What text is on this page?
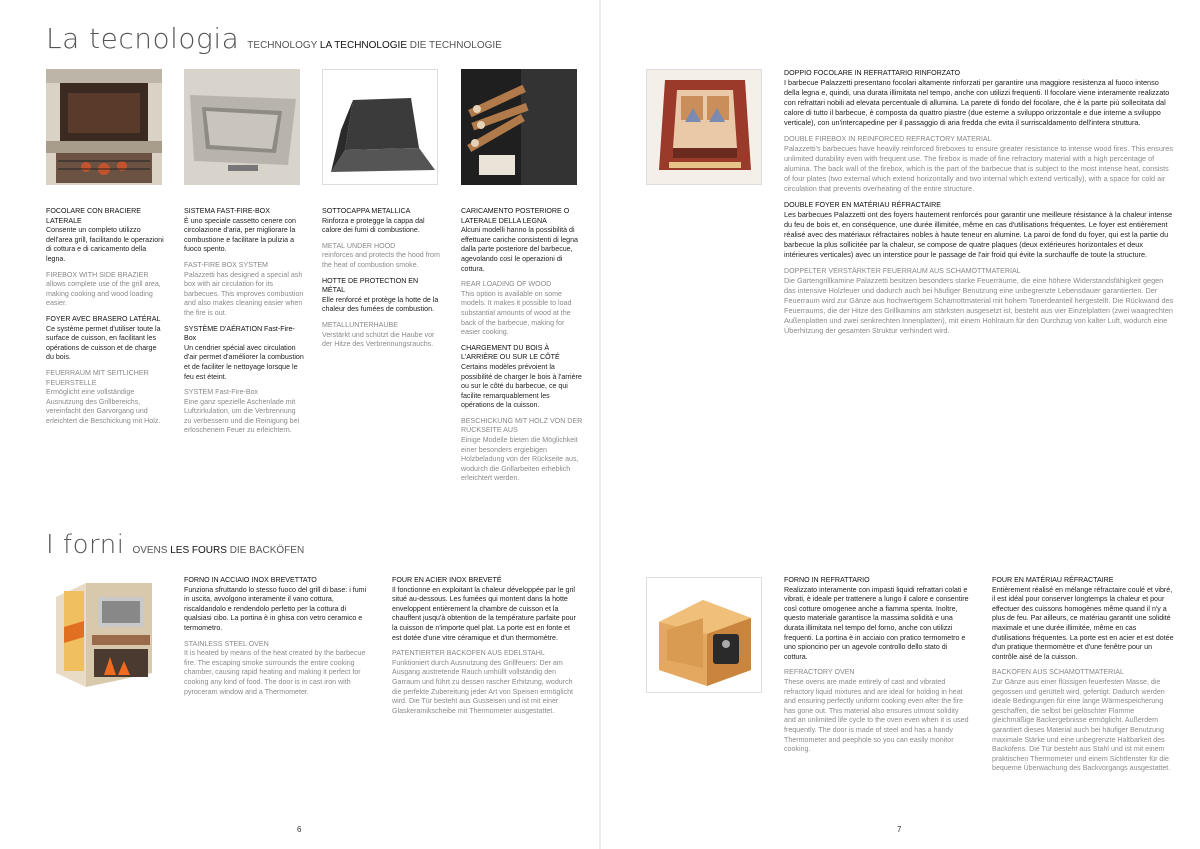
La tecnologia TECHNOLOGY LA TECHNOLOGIE DIE TECHNOLOGIE
FOCOLARE CON BRACIERE LATERALE

Consente un completo utilizzo dell'area grill, facilitando le operazioni di cottura e di caricamento della legna.

FIREBOX WITH SIDE BRAZIER

allows complete use of the grill area, making cooking and wood loading easier.

FOYER AVEC BRASERO LATÉRAL

Ce système permet d'utiliser toute la surface de cuisson, en facilitant les opérations de cuisson et de charge du bois.

FEUERRAUM MIT SEITLICHER FEUERSTELLE

Ermöglicht eine vollständige Ausnutzung des Grillbereichs, vereinfacht den Garvorgang und erleichtert die Beschickung mit Holz.

SISTEMA FAST-FIRE-BOX

È uno speciale cassetto cenere con circolazione d'aria, per migliorare la combustione e facilitare la pulizia a fuoco spento.

FAST-FIRE BOX SYSTEM

Palazzetti has designed a special ash box with air circulation for its barbecues. This improves combustion and also makes cleaning easier when the fire is out.

SYSTÈME D'AÉRATION Fast-Fire-Box

Un cendrier spécial avec circulation d'air permet d'améliorer la combustion et de faciliter le nettoyage lorsque le feu est éteint.

SYSTEM Fast-Fire-Box

Eine ganz spezielle Aschenlade mit Luftzirkulation, um die Verbrennung zu verbessern und die Reinigung bei erloschenem Feuer zu erleichtern.

SOTTOCAPPA METALLICA

Rinforza e protegge la cappa dal calore dei fumi di combustione.

METAL UNDER HOOD

reinforces and protects the hood from the heat of combustion smoke.

HOTTE DE PROTECTION EN MÉTAL

Elle renforcé et protège la hotte de la chaleur des fumées de combustion.

METALLUNTERHAUBE

Verstärkt und schützt die Haube vor der Hitze des Verbrennungsrauchs.

CARICAMENTO POSTERIORE O LATERALE DELLA LEGNA

Alcuni modelli hanno la possibilità di effettuare cariche consistenti di legna dalla parte posteriore del barbecue, agevolando così le operazioni di cottura.

REAR LOADING OF WOOD

This option is available on some models. It makes it possible to load substantial amounts of wood at the back of the barbecue, making for easier cooking.

CHARGEMENT DU BOIS À L'ARRIÈRE OU SUR LE CÔTÉ

Certains modèles prévoient la possibilité de charger le bois à l'arrière ou sur le côté du barbecue, ce qui facilite remarquablement les opérations de la cuisson.

BESCHICKUNG MIT HOLZ VON DER RÜCKSEITE AUS

Einige Modelle bieten die Möglichkeit einer besonders ergiebigen Holzbeladung von der Rückseite aus, wodurch die Grillarbeiten erheblich erleichtert werden.

I forni OVENS LES FOURS DIE BACKÖFEN
FORNO IN ACCIAIO INOX BREVETTATO

Funziona sfruttando lo stesso fuoco del grill di base: i fumi in uscita, avvolgono interamente il vano cottura, riscaldandolo e rendendolo perfetto per la cottura di qualsiasi cibo. La portina è in ghisa con vetro ceramico e termometro.

STAINLESS STEEL OVEN

It is heated by means of the heat created by the barbecue fire. The escaping smoke surrounds the entire cooking chamber, causing rapid heating and making it perfect for cooking any kind of food. The door is in cast iron with pyroceram window and a Thermometer.

FOUR EN ACIER INOX BREVETÉ

Il fonctionne en exploitant la chaleur développée par le gril situé au-dessous. Les fumées qui montent dans la hotte enveloppent entièrement la chambre de cuisson et la chauffent jusqu'à obtention de la température parfaite pour la cuisson de n'importe quel plat. La porte est en fonte et est dotée d'une vitre céramique et d'un thermomètre.

PATENTIERTER BACKOFEN AUS EDELSTAHL

Funktioniert durch Ausnutzung des Grillfeuers: Der am Ausgang austretende Rauch umhüllt vollständig den Garraum und führt zu dessen rascher Erhitzung, wodurch die perfekte Zubereitung jeder Art von Speisen ermöglicht wird. Die Tür besteht aus Gusseisen und ist mit einer Glaskeramikscheibe mit Thermometer ausgestattet.

6
DOPPIO FOCOLARE IN REFRATTARIO RINFORZATO

I barbecue Palazzetti presentano focolari altamente rinforzati per garantire una maggiore resistenza al fuoco intenso della legna e, quindi, una durata illimitata nel tempo, anche con utilizzi frequenti. Il focolare viene interamente realizzato con refrattari nobili ad elevata percentuale di allumina. La parete di fondo del focolare, che è la parte più sollecitata dal calore di tutto il barbecue, è composta da quattro piastre (due esterne a sviluppo orizzontale e due interne a sviluppo verticale), con un'intercapedine per il passaggio di aria fredda che evita il surriscaldamento dell'intera struttura.

DOUBLE FIREBOX IN REINFORCED REFRACTORY MATERIAL

Palazzetti's barbecues have heavily reinforced fireboxes to ensure greater resistance to intense wood fires. This ensures unlimited durability even with frequent use. The firebox is made of fine refractory material with a high percentage of alumina. The back wall of the firebox, which is the part of the barbecue that is subject to the most intense heat, consists of four plates (two external which extend horizontally and two internal which extend vertically), with a space for cold air circulation that prevents overheating of the entire structure.

DOUBLE FOYER EN MATÉRIAU RÉFRACTAIRE

Les barbecues Palazzetti ont des foyers hautement renforcés pour garantir une meilleure résistance à la chaleur intense du feu de bois et, en conséquence, une durée illimitée, même en cas d'utilisations fréquentes. Le foyer est entièrement réalisé avec des matériaux réfractaires nobles à haute teneur en alumine. La paroi de fond du foyer, qui est la partie du barbecue la plus sollicitée par la chaleur, se compose de quatre plaques (deux extérieures horizontales et deux intérieures verticales) avec un interstice pour le passage de l'air froid qui évite la surchauffe de toute la structure.

DOPPELTER VERSTÄRKTER FEUERRAUM AUS SCHAMOTTMATERIAL

Die Gartengrillkamine Palazzetti besitzen besonders starke Feuerräume, die eine höhere Widerstandsfähigkeit gegen das intensive Holzfeuer und dadurch auch bei häufiger Benutzung eine unbegrenzte Lebensdauer garantierten. Der Feuerraum wird zur Gänze aus hochwertigem Schamottmaterial mit hohem Tonerdeanteil hergestellt. Die Rückwand des Feuerraums, die der Hitze des Grillkamins am stärksten ausgesetzt ist, besteht aus vier Einzelplatten (zwei waagrechten Außenplatten und zwei senkrechten Innenplatten), mit einem Hohlraum für den Durchzug von kalter Luft, wodurch eine Überhitzung der gesamten Struktur verhindert wird.

FORNO IN REFRATTARIO

Realizzato interamente con impasti liquidi refrattari colati e vibrati, è ideale per trattenere a lungo il calore e consentire così cotture omogenee anche a fiamma spenta. Inoltre, questo materiale garantisce la massima solidità e una durata illimitata nel tempo del forno, anche con utilizzi frequenti. La portina è in acciaio con pratico termometro e uno spioncino per un agevole controllo dello stato di cottura.

REFRACTORY OVEN

These ovens are made entirely of cast and vibrated refractory liquid mixtures and are ideal for holding in heat and ensuring perfectly uniform cooking even after the fire has gone out. This material also ensures utmost solidity and an unlimited life cycle to the oven even when it is used frequently. The door is made of steel and has a handy Thermometer and peephole so you can easily monitor cooking.

FOUR EN MATÉRIAU RÉFRACTAIRE

Entièrement réalisé en mélange réfractaire coulé et vibré, il est idéal pour conserver longtemps la chaleur et pour effectuer des cuissons homogènes même quand il n'y a plus de feu. Par ailleurs, ce matériau garantit une solidité maximale et une durée illimitée, même en cas d'utilisations fréquentes. La porte est en acier et est dotée d'un pratique thermomètre et d'une fenêtre pour un contrôle aisé de la cuisson.

BACKOFEN AUS SCHAMOTTMATERIAL

Zur Gänze aus einer flüssigen feuerfesten Masse, die gegossen und gerüttelt wird, gefertigt. Dadurch werden ideale Bedingungen für eine lange Wärmespeicherung geschaffen, die selbst bei gelöschter Flamme gleichmäßige Backergebnisse ermöglicht. Außerdem garantiert dieses Material auch bei häufiger Benutzung maximale Stärke und eine unbegrenzte Haltbarkeit des Backofens. Die Tür besteht aus Stahl und ist mit einem praktischen Thermometer und einem Sichtfenster für die bequeme Überwachung des Backvorgangs ausgestattet.

7
